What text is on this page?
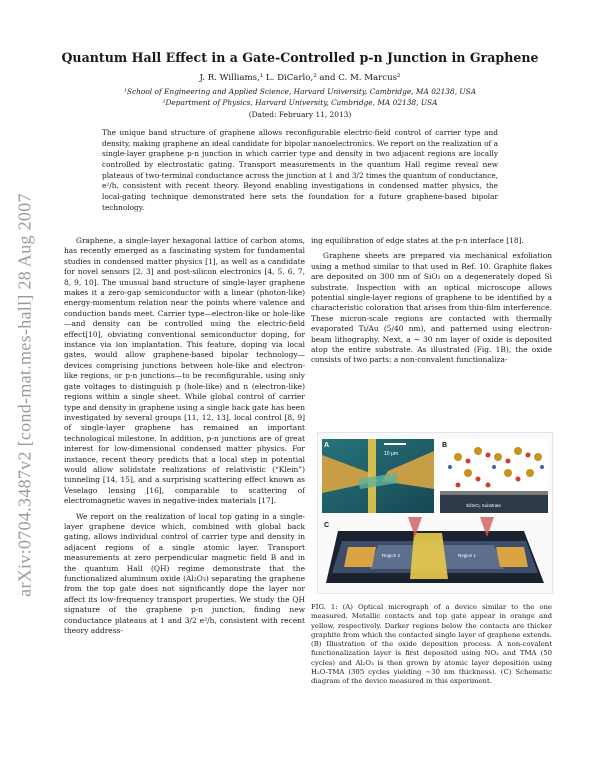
arXiv:0704.3487v2 [cond-mat.mes-hall] 28 Aug 2007
Quantum Hall Effect in a Gate-Controlled p-n Junction in Graphene
J. R. Williams,¹ L. DiCarlo,² and C. M. Marcus²
¹School of Engineering and Applied Science, Harvard University, Cambridge, MA 02138, USA
²Department of Physics, Harvard University, Cambridge, MA 02138, USA
(Dated: February 11, 2013)
The unique band structure of graphene allows reconfigurable electric-field control of carrier type and density, making graphene an ideal candidate for bipolar nanoelectronics. We report on the realization of a single-layer graphene p-n junction in which carrier type and density in two adjacent regions are locally controlled by electrostatic gating. Transport measurements in the quantum Hall regime reveal new plateaus of two-terminal conductance across the junction at 1 and 3/2 times the quantum of conductance, e²/h, consistent with recent theory. Beyond enabling investigations in condensed matter physics, the local-gating technique demonstrated here sets the foundation for a future graphene-based bipolar technology.

Graphene, a single-layer hexagonal lattice of carbon atoms, has recently emerged as a fascinating system for fundamental studies in condensed matter physics [1], as well as a candidate for novel sensors [2, 3] and post-silicon electronics [4, 5, 6, 7, 8, 9, 10]. The unusual band structure of single-layer graphene makes it a zero-gap semiconductor with a linear (photon-like) energy-momentum relation near the points where valence and conduction bands meet. Carrier type—electron-like or hole-like—and density can be controlled using the electric-field effect[10], obviating conventional semiconductor doping, for instance via ion implantation. This feature, doping via local gates, would allow graphene-based bipolar technology—devices comprising junctions between hole-like and electron-like regions, or p-n junctions—to be reconfigurable, using only gate voltages to distinguish p (hole-like) and n (electron-like) regions within a single sheet. While global control of carrier type and density in graphene using a single back gate has been investigated by several groups [11, 12, 13], local control [8, 9] of single-layer graphene has remained an important technological milestone. In addition, p-n junctions are of great interest for low-dimensional condensed matter physics. For instance, recent theory predicts that a local step in potential would allow solidstate realizations of relativistic (“Klein”) tunneling [14, 15], and a surprising scattering effect known as Veselago lensing [16], comparable to scattering of electromagnetic waves in negative-index materials [17].

We report on the realization of local top gating in a single-layer graphene device which, combined with global back gating, allows individual control of carrier type and density in adjacent regions of a single atomic layer. Transport measurements at zero perpendicular magnetic field B and in the quantum Hall (QH) regime demonstrate that the functionalized aluminum oxide (Al₂O₃) separating the graphene from the top gate does not significantly dope the layer nor affect its low-frequency transport properties. We study the QH signature of the graphene p-n junction, finding new conductance plateaus at 1 and 3/2 e²/h, consistent with recent theory address-

ing equilibration of edge states at the p-n interface [18].

Graphene sheets are prepared via mechanical exfoliation using a method similar to that used in Ref. 10. Graphite flakes are deposited on 300 nm of SiO₂ on a degenerately doped Si substrate. Inspection with an optical microscope allows potential single-layer regions of graphene to be identified by a characteristic coloration that arises from thin-film interference. These micron-scale regions are contacted with thermally evaporated Ti/Au (5/40 nm), and patterned using electron-beam lithography. Next, a ∼ 30 nm layer of oxide is deposited atop the entire substrate. As illustrated (Fig. 1B), the oxide consists of two parts: a non-convalent functionaliza-

A
10 μm
B
Si/SiO₂ Substrate
C
Region 2	Region 1
FIG. 1: (A) Optical micrograph of a device similar to the one measured. Metallic contacts and top gate appear in orange and yellow, respectively. Darker regions below the contacts are thicker graphite from which the contacted single layer of graphene extends. (B) Illustration of the oxide deposition process. A non-covalent functionalization layer is first deposited using NO₂ and TMA (50 cycles) and Al₂O₃ is then grown by atomic layer deposition using H₂O-TMA (305 cycles yielding ∼30 nm thickness). (C) Schematic diagram of the device measured in this experiment.
